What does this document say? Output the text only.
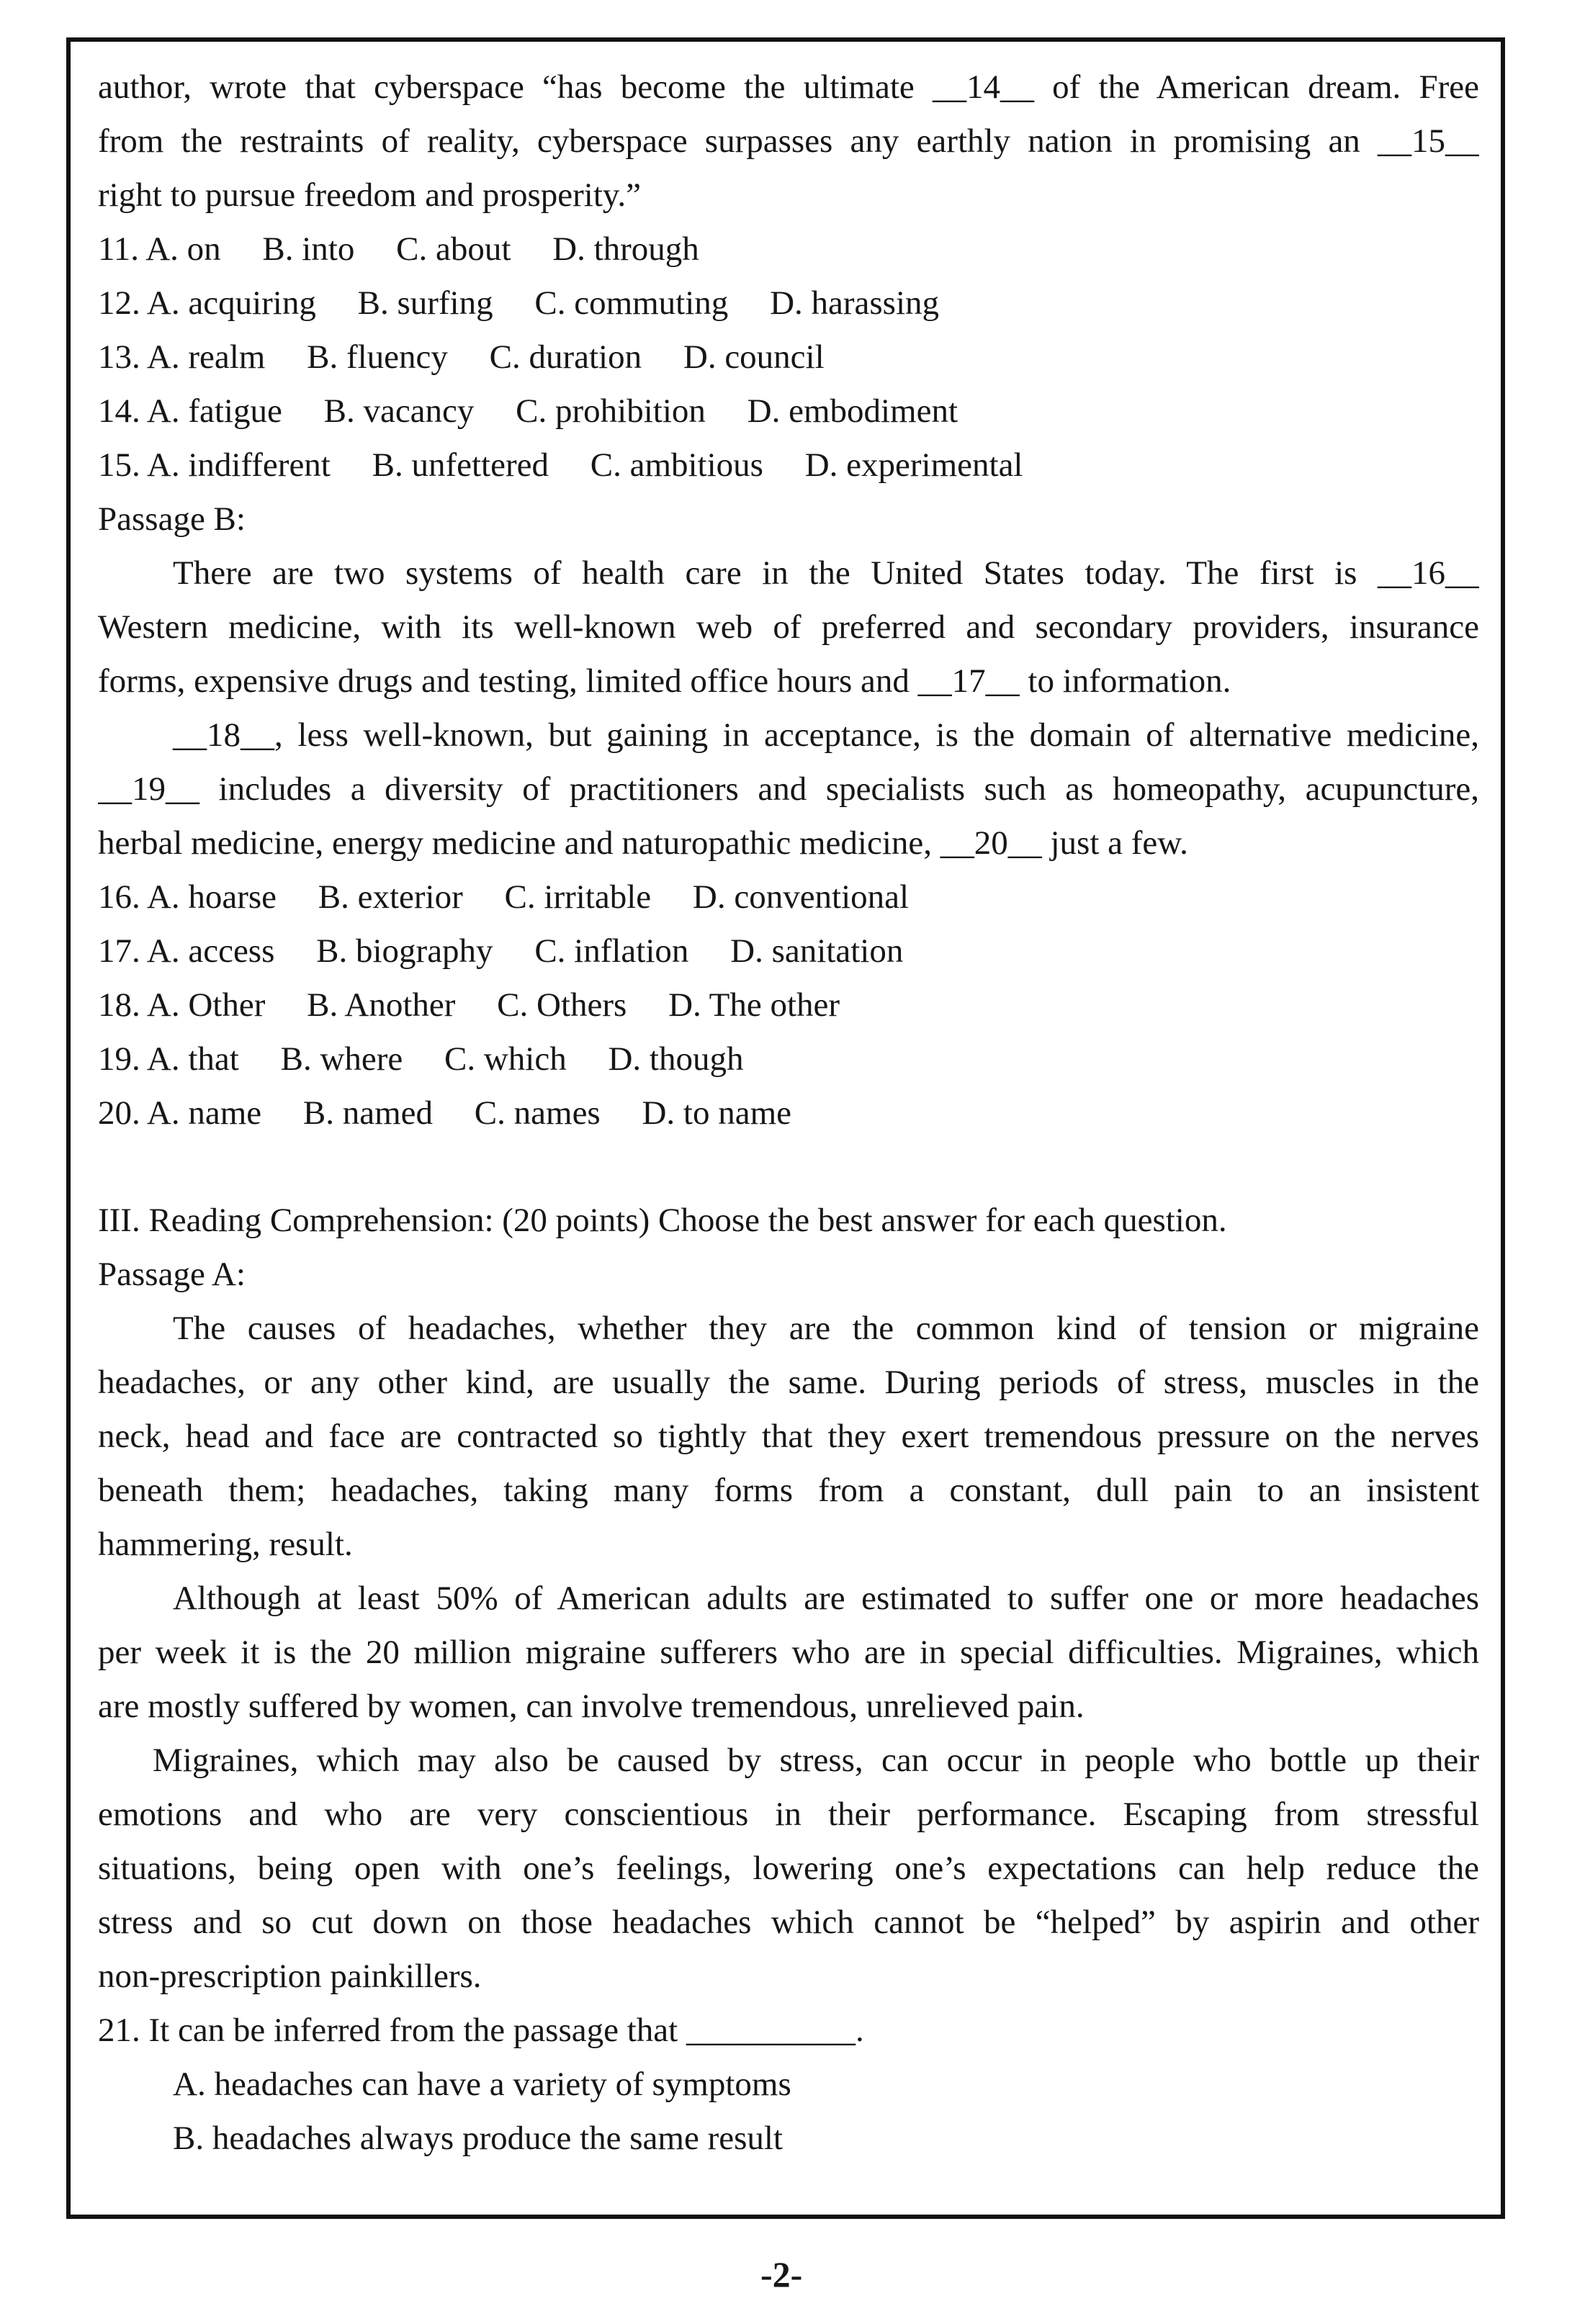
author, wrote that cyberspace “has become the ultimate __14__ of the American dream. Free
from the restraints of reality, cyberspace surpasses any earthly nation in promising an __15__
right to pursue freedom and prosperity.”
11. A. on B. into C. about D. through
12. A. acquiring B. surfing C. commuting D. harassing
13. A. realm B. fluency C. duration D. council
14. A. fatigue B. vacancy C. prohibition D. embodiment
15. A. indifferent B. unfettered C. ambitious D. experimental
Passage B:
There are two systems of health care in the United States today. The first is __16__
Western medicine, with its well-known web of preferred and secondary providers, insurance
forms, expensive drugs and testing, limited office hours and __17__ to information.
__18__, less well-known, but gaining in acceptance, is the domain of alternative medicine,
__19__ includes a diversity of practitioners and specialists such as homeopathy, acupuncture,
herbal medicine, energy medicine and naturopathic medicine, __20__ just a few.
16. A. hoarse B. exterior C. irritable D. conventional
17. A. access B. biography C. inflation D. sanitation
18. A. Other B. Another C. Others D. The other
19. A. that B. where C. which D. though
20. A. name B. named C. names D. to name
III. Reading Comprehension: (20 points) Choose the best answer for each question.
Passage A:
The causes of headaches, whether they are the common kind of tension or migraine
headaches, or any other kind, are usually the same. During periods of stress, muscles in the
neck, head and face are contracted so tightly that they exert tremendous pressure on the nerves
beneath them; headaches, taking many forms from a constant, dull pain to an insistent
hammering, result.
Although at least 50% of American adults are estimated to suffer one or more headaches
per week it is the 20 million migraine sufferers who are in special difficulties. Migraines, which
are mostly suffered by women, can involve tremendous, unrelieved pain.
Migraines, which may also be caused by stress, can occur in people who bottle up their
emotions and who are very conscientious in their performance. Escaping from stressful
situations, being open with one’s feelings, lowering one’s expectations can help reduce the
stress and so cut down on those headaches which cannot be “helped” by aspirin and other
non-prescription painkillers.
21. It can be inferred from the passage that __________.
A. headaches can have a variety of symptoms
B. headaches always produce the same result
-2-
